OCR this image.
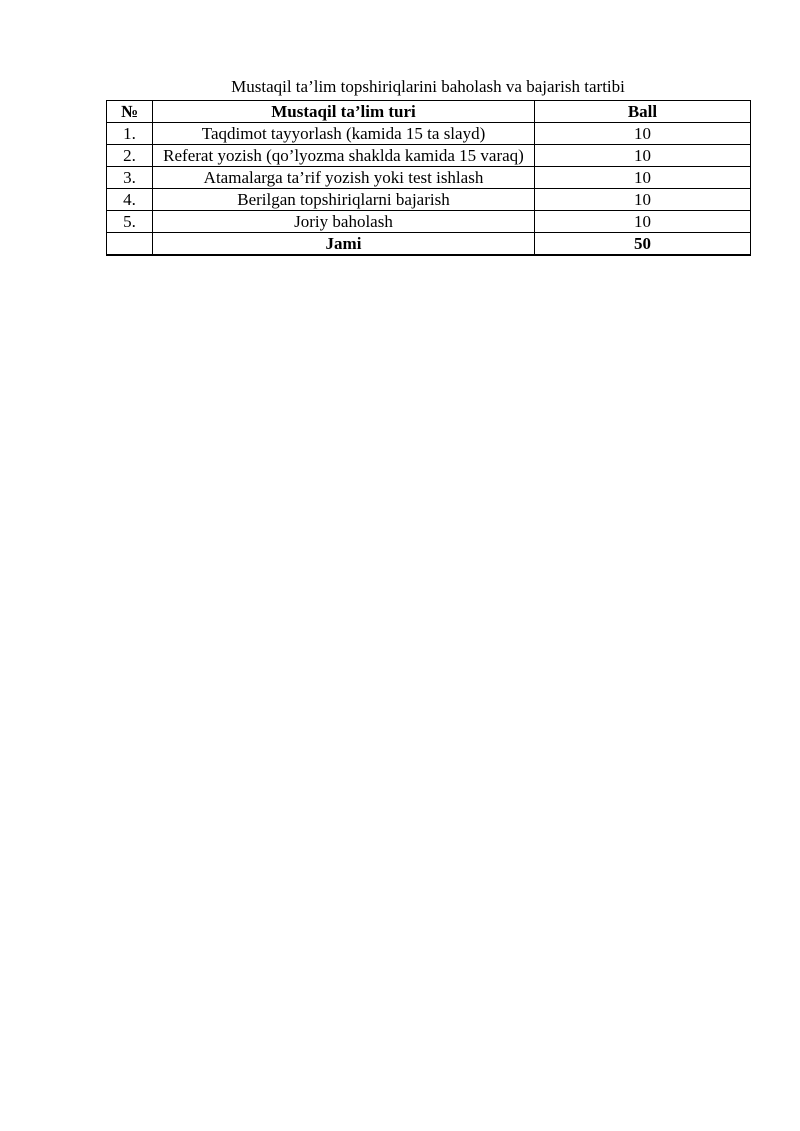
Mustaqil ta’lim topshiriqlarini baholash va bajarish tartibi
№	Mustaqil ta’lim turi	Ball
1.	Taqdimot tayyorlash (kamida 15 ta slayd)	10
2.	Referat yozish (qo’lyozma shaklda kamida 15 varaq)	10
3.	Atamalarga ta’rif yozish yoki test ishlash	10
4.	Berilgan topshiriqlarni bajarish	10
5.	Joriy baholash	10
	Jami	50
